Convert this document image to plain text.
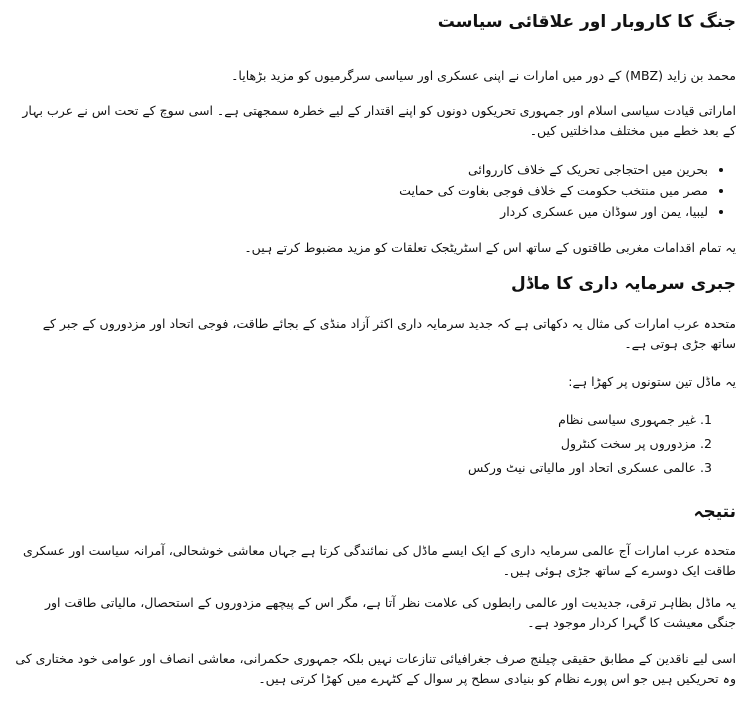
جنگ کا کاروبار اور علاقائی سیاست

محمد بن زاید (MBZ) کے دور میں امارات نے اپنی عسکری اور سیاسی سرگرمیوں کو مزید بڑھایا۔

اماراتی قیادت سیاسی اسلام اور جمہوری تحریکوں دونوں کو اپنے اقتدار کے لیے خطرہ سمجھتی ہے۔ اسی سوچ کے تحت اس نے عرب بہار کے بعد خطے میں مختلف مداخلتیں کیں۔

• بحرین میں احتجاجی تحریک کے خلاف کارروائی
• مصر میں منتخب حکومت کے خلاف فوجی بغاوت کی حمایت
• لیبیا، یمن اور سوڈان میں عسکری کردار

یہ تمام اقدامات مغربی طاقتوں کے ساتھ اس کے اسٹریٹجک تعلقات کو مزید مضبوط کرتے ہیں۔

جبری سرمایہ داری کا ماڈل

متحدہ عرب امارات کی مثال یہ دکھاتی ہے کہ جدید سرمایہ داری اکثر آزاد منڈی کے بجائے طاقت، فوجی اتحاد اور مزدوروں کے جبر کے ساتھ جڑی ہوتی ہے۔

یہ ماڈل تین ستونوں پر کھڑا ہے:

1. غیر جمہوری سیاسی نظام
2. مزدوروں پر سخت کنٹرول
3. عالمی عسکری اتحاد اور مالیاتی نیٹ ورکس
نتیجہ

متحدہ عرب امارات آج عالمی سرمایہ داری کے ایک ایسے ماڈل کی نمائندگی کرتا ہے جہاں معاشی خوشحالی، آمرانہ سیاست اور عسکری طاقت ایک دوسرے کے ساتھ جڑی ہوئی ہیں۔

یہ ماڈل بظاہر ترقی، جدیدیت اور عالمی رابطوں کی علامت نظر آتا ہے، مگر اس کے پیچھے مزدوروں کے استحصال، مالیاتی طاقت اور جنگی معیشت کا گہرا کردار موجود ہے۔

اسی لیے ناقدین کے مطابق حقیقی چیلنج صرف جغرافیائی تنازعات نہیں بلکہ جمہوری حکمرانی، معاشی انصاف اور عوامی خود مختاری کی وہ تحریکیں ہیں جو اس پورے نظام کو بنیادی سطح پر سوال کے کٹہرے میں کھڑا کرتی ہیں۔
